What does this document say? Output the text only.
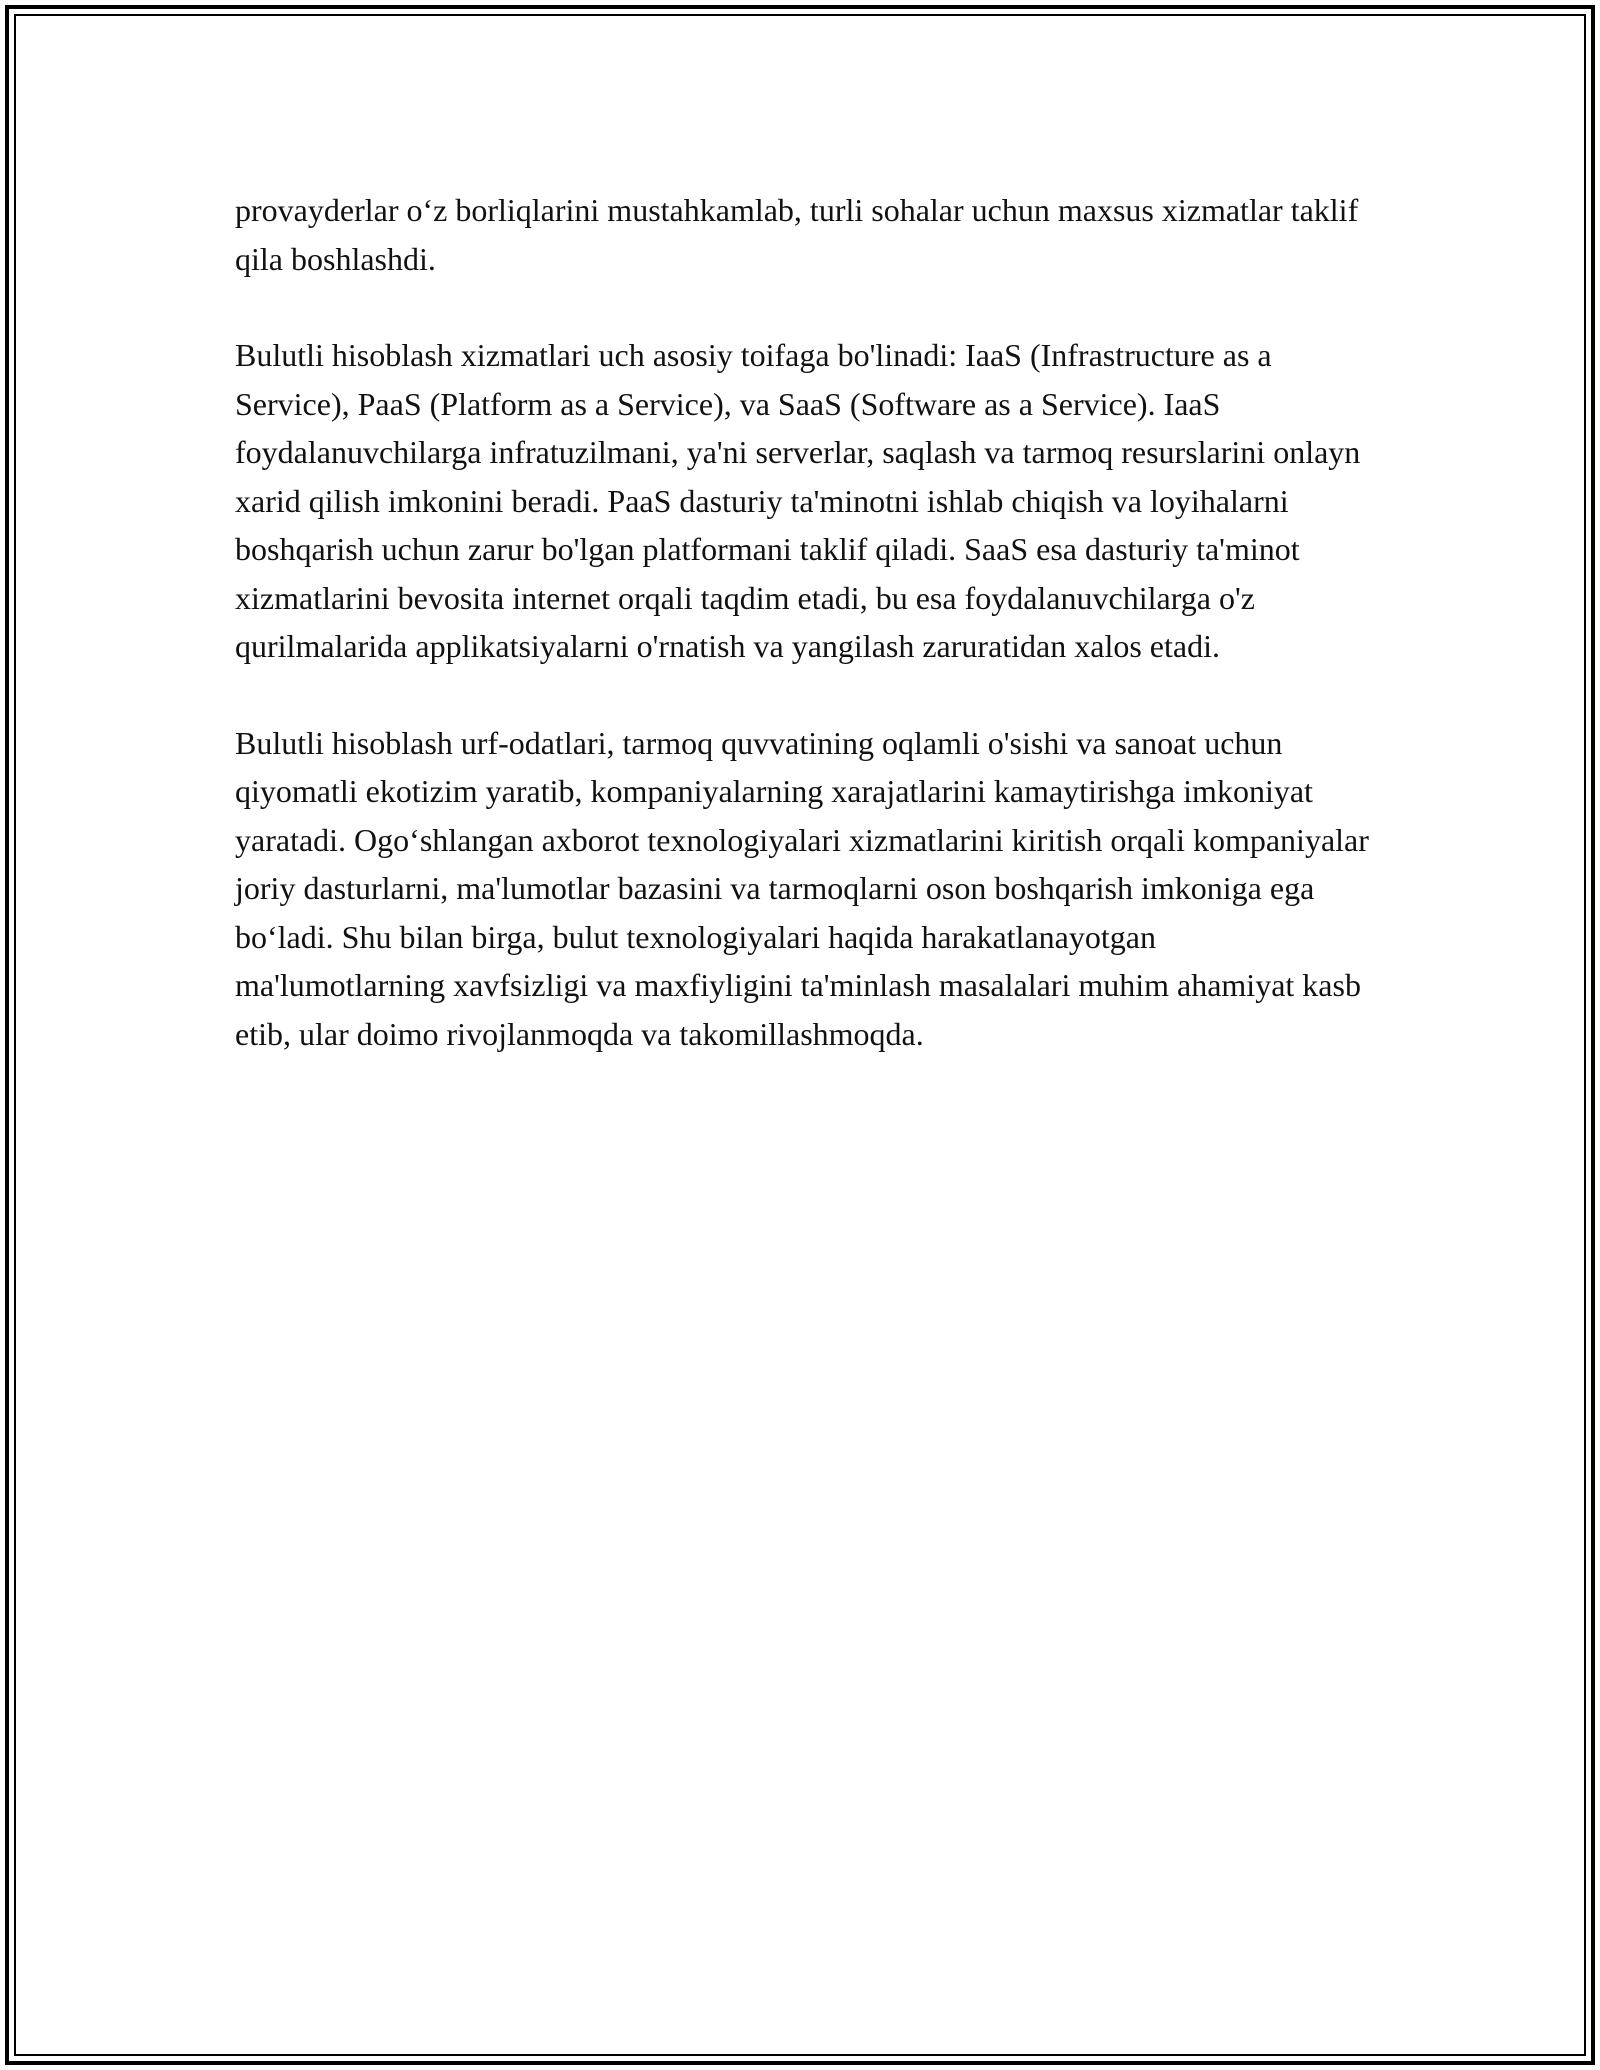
provayderlar o‘z borliqlarini mustahkamlab, turli sohalar uchun maxsus xizmatlar taklif qila boshlashdi.

Bulutli hisoblash xizmatlari uch asosiy toifaga bo'linadi: IaaS (Infrastructure as a Service), PaaS (Platform as a Service), va SaaS (Software as a Service). IaaS foydalanuvchilarga infratuzilmani, ya'ni serverlar, saqlash va tarmoq resurslarini onlayn xarid qilish imkonini beradi. PaaS dasturiy ta'minotni ishlab chiqish va loyihalarni boshqarish uchun zarur bo'lgan platformani taklif qiladi. SaaS esa dasturiy ta'minot xizmatlarini bevosita internet orqali taqdim etadi, bu esa foydalanuvchilarga o'z qurilmalarida applikatsiyalarni o'rnatish va yangilash zaruratidan xalos etadi.

Bulutli hisoblash urf-odatlari, tarmoq quvvatining oqlamli o'sishi va sanoat uchun qiyomatli ekotizim yaratib, kompaniyalarning xarajatlarini kamaytirishga imkoniyat yaratadi. Ogo‘shlangan axborot texnologiyalari xizmatlarini kiritish orqali kompaniyalar joriy dasturlarni, ma'lumotlar bazasini va tarmoqlarni oson boshqarish imkoniga ega bo‘ladi. Shu bilan birga, bulut texnologiyalari haqida harakatlanayotgan ma'lumotlarning xavfsizligi va maxfiyligini ta'minlash masalalari muhim ahamiyat kasb etib, ular doimo rivojlanmoqda va takomillashmoqda.
